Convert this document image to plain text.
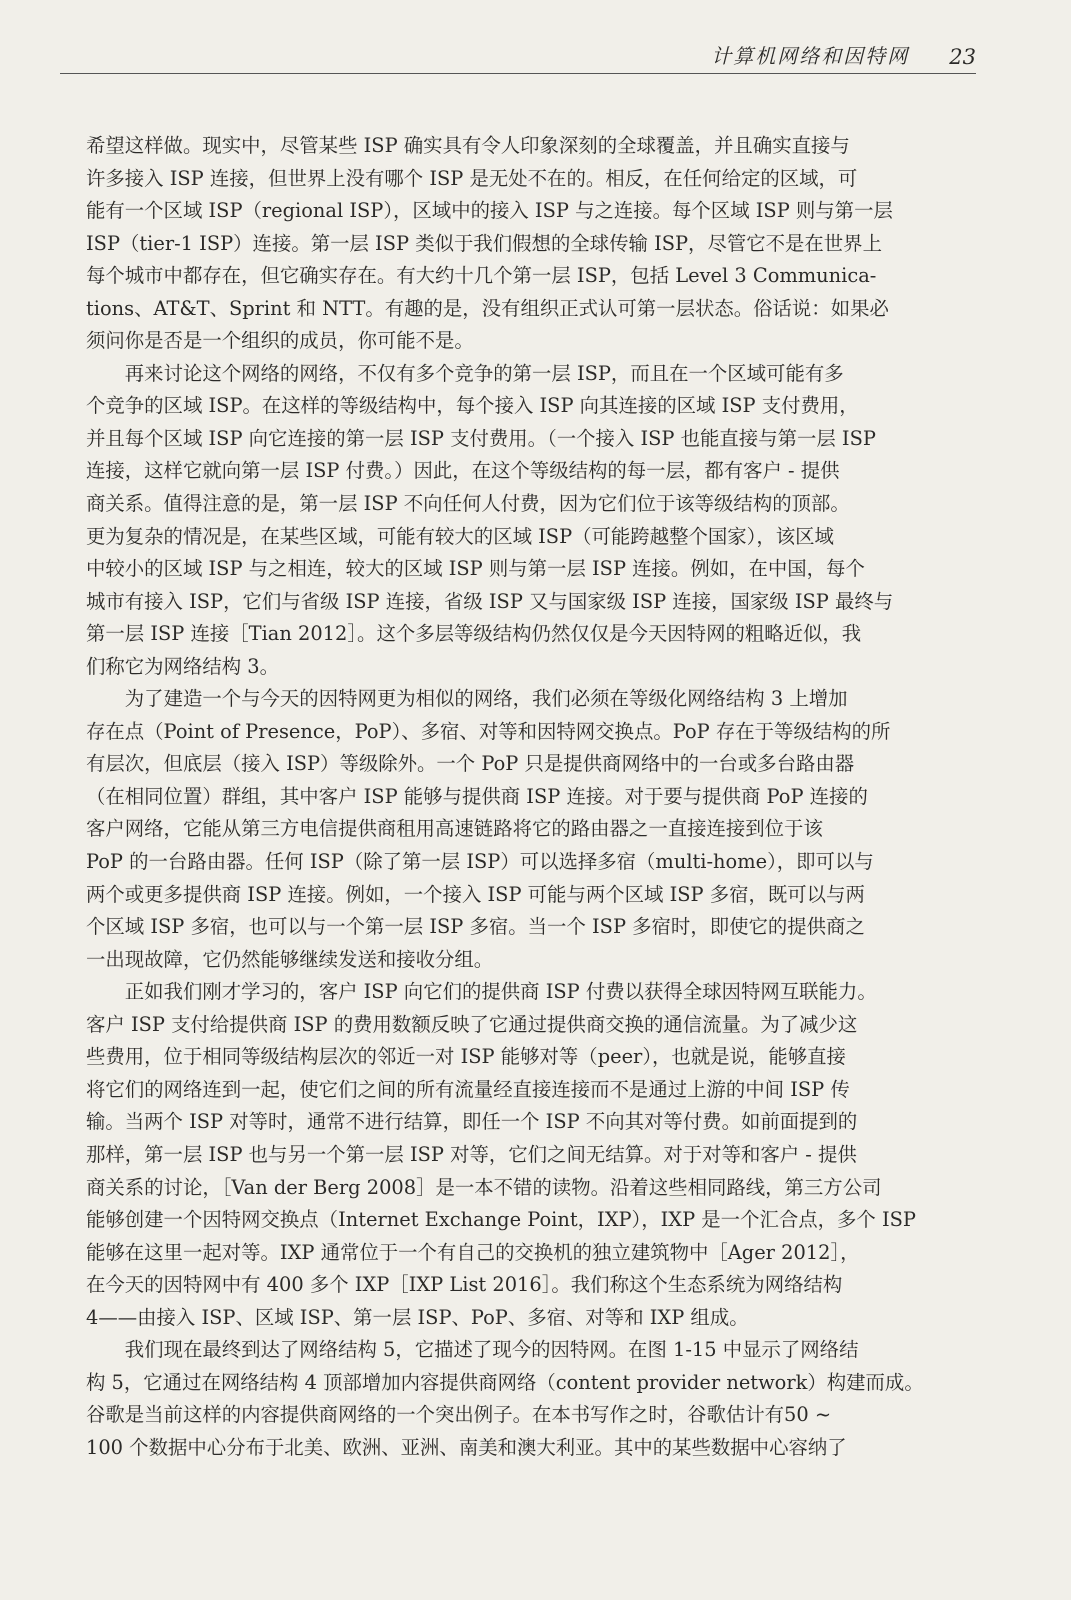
计算机网络和因特网 23

希望这样做。现实中，尽管某些 ISP 确实具有令人印象深刻的全球覆盖，并且确实直接与
许多接入 ISP 连接，但世界上没有哪个 ISP 是无处不在的。相反，在任何给定的区域，可
能有一个区域 ISP（regional ISP），区域中的接入 ISP 与之连接。每个区域 ISP 则与第一层
ISP（tier-1 ISP）连接。第一层 ISP 类似于我们假想的全球传输 ISP，尽管它不是在世界上
每个城市中都存在，但它确实存在。有大约十几个第一层 ISP，包括 Level 3 Communica-
tions、AT&T、Sprint 和 NTT。有趣的是，没有组织正式认可第一层状态。俗话说：如果必
须问你是否是一个组织的成员，你可能不是。

再来讨论这个网络的网络，不仅有多个竞争的第一层 ISP，而且在一个区域可能有多
个竞争的区域 ISP。在这样的等级结构中，每个接入 ISP 向其连接的区域 ISP 支付费用，
并且每个区域 ISP 向它连接的第一层 ISP 支付费用。（一个接入 ISP 也能直接与第一层 ISP
连接，这样它就向第一层 ISP 付费。）因此，在这个等级结构的每一层，都有客户 - 提供
商关系。值得注意的是，第一层 ISP 不向任何人付费，因为它们位于该等级结构的顶部。
更为复杂的情况是，在某些区域，可能有较大的区域 ISP（可能跨越整个国家），该区域
中较小的区域 ISP 与之相连，较大的区域 ISP 则与第一层 ISP 连接。例如，在中国，每个
城市有接入 ISP，它们与省级 ISP 连接，省级 ISP 又与国家级 ISP 连接，国家级 ISP 最终与
第一层 ISP 连接［Tian 2012］。这个多层等级结构仍然仅仅是今天因特网的粗略近似，我
们称它为网络结构 3。

为了建造一个与今天的因特网更为相似的网络，我们必须在等级化网络结构 3 上增加
存在点（Point of Presence，PoP）、多宿、对等和因特网交换点。PoP 存在于等级结构的所
有层次，但底层（接入 ISP）等级除外。一个 PoP 只是提供商网络中的一台或多台路由器
（在相同位置）群组，其中客户 ISP 能够与提供商 ISP 连接。对于要与提供商 PoP 连接的
客户网络，它能从第三方电信提供商租用高速链路将它的路由器之一直接连接到位于该
PoP 的一台路由器。任何 ISP（除了第一层 ISP）可以选择多宿（multi-home），即可以与
两个或更多提供商 ISP 连接。例如，一个接入 ISP 可能与两个区域 ISP 多宿，既可以与两
个区域 ISP 多宿，也可以与一个第一层 ISP 多宿。当一个 ISP 多宿时，即使它的提供商之
一出现故障，它仍然能够继续发送和接收分组。

正如我们刚才学习的，客户 ISP 向它们的提供商 ISP 付费以获得全球因特网互联能力。
客户 ISP 支付给提供商 ISP 的费用数额反映了它通过提供商交换的通信流量。为了减少这
些费用，位于相同等级结构层次的邻近一对 ISP 能够对等（peer），也就是说，能够直接
将它们的网络连到一起，使它们之间的所有流量经直接连接而不是通过上游的中间 ISP 传
输。当两个 ISP 对等时，通常不进行结算，即任一个 ISP 不向其对等付费。如前面提到的
那样，第一层 ISP 也与另一个第一层 ISP 对等，它们之间无结算。对于对等和客户 - 提供
商关系的讨论，［Van der Berg 2008］是一本不错的读物。沿着这些相同路线，第三方公司
能够创建一个因特网交换点（Internet Exchange Point，IXP），IXP 是一个汇合点，多个 ISP
能够在这里一起对等。IXP 通常位于一个有自己的交换机的独立建筑物中［Ager 2012］，
在今天的因特网中有 400 多个 IXP［IXP List 2016］。我们称这个生态系统为网络结构
4——由接入 ISP、区域 ISP、第一层 ISP、PoP、多宿、对等和 IXP 组成。

我们现在最终到达了网络结构 5，它描述了现今的因特网。在图 1-15 中显示了网络结
构 5，它通过在网络结构 4 顶部增加内容提供商网络（content provider network）构建而成。
谷歌是当前这样的内容提供商网络的一个突出例子。在本书写作之时，谷歌估计有50 ~
100 个数据中心分布于北美、欧洲、亚洲、南美和澳大利亚。其中的某些数据中心容纳了
